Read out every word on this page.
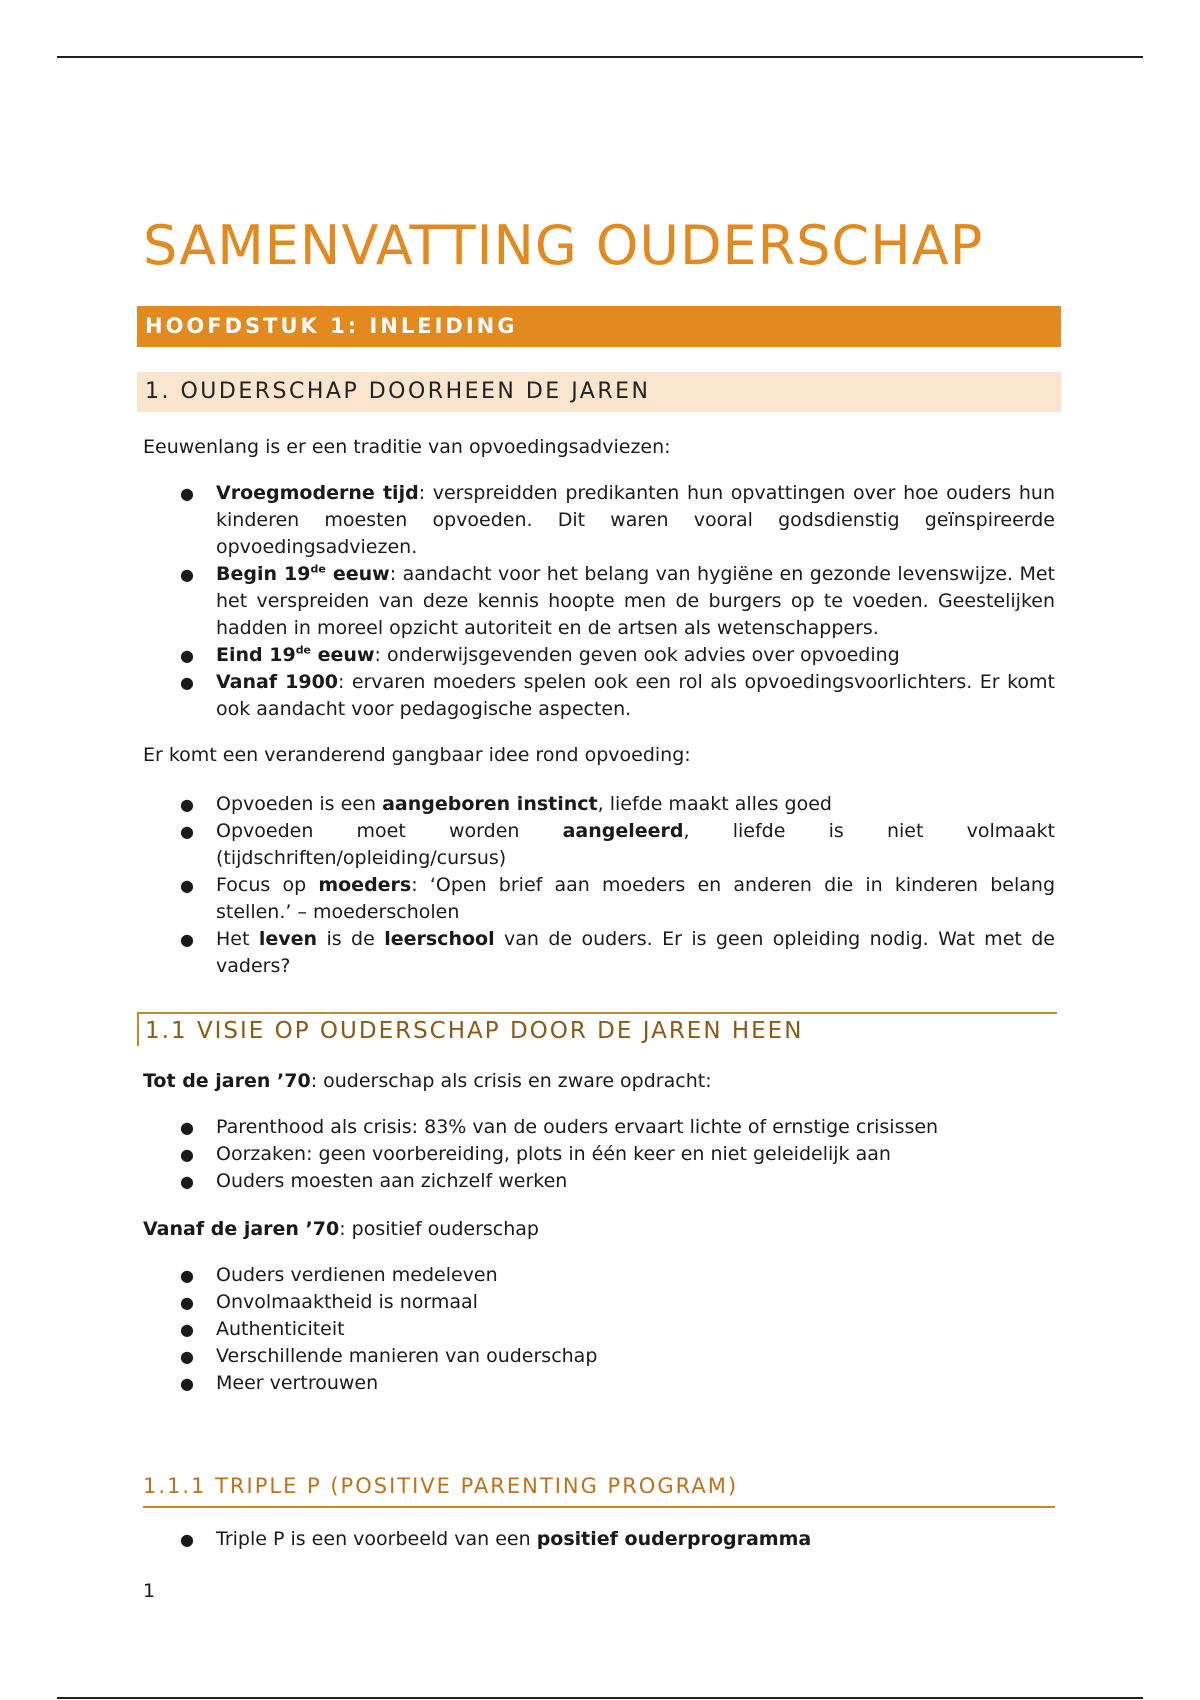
SAMENVATTING OUDERSCHAP
HOOFDSTUK 1: INLEIDING
1. OUDERSCHAP DOORHEEN DE JAREN

Eeuwenlang is er een traditie van opvoedingsadviezen:

● Vroegmoderne tijd: verspreidden predikanten hun opvattingen over hoe ouders hun kinderen moesten opvoeden. Dit waren vooral godsdienstig geïnspireerde opvoedingsadviezen.
● Begin 19de eeuw: aandacht voor het belang van hygiëne en gezonde levenswijze. Met het verspreiden van deze kennis hoopte men de burgers op te voeden. Geestelijken hadden in moreel opzicht autoriteit en de artsen als wetenschappers.
● Eind 19de eeuw: onderwijsgevenden geven ook advies over opvoeding
● Vanaf 1900: ervaren moeders spelen ook een rol als opvoedingsvoorlichters. Er komt ook aandacht voor pedagogische aspecten.

Er komt een veranderend gangbaar idee rond opvoeding:

● Opvoeden is een aangeboren instinct, liefde maakt alles goed
● Opvoeden moet worden aangeleerd, liefde is niet volmaakt (tijdschriften/opleiding/cursus)
● Focus op moeders: ‘Open brief aan moeders en anderen die in kinderen belang stellen.’ – moederscholen
● Het leven is de leerschool van de ouders. Er is geen opleiding nodig. Wat met de vaders?
1.1 VISIE OP OUDERSCHAP DOOR DE JAREN HEEN

Tot de jaren ’70: ouderschap als crisis en zware opdracht:

● Parenthood als crisis: 83% van de ouders ervaart lichte of ernstige crisissen
● Oorzaken: geen voorbereiding, plots in één keer en niet geleidelijk aan
● Ouders moesten aan zichzelf werken

Vanaf de jaren ’70: positief ouderschap

● Ouders verdienen medeleven
● Onvolmaaktheid is normaal
● Authenticiteit
● Verschillende manieren van ouderschap
● Meer vertrouwen
1.1.1 TRIPLE P (POSITIVE PARENTING PROGRAM)
● Triple P is een voorbeeld van een positief ouderprogramma
1
